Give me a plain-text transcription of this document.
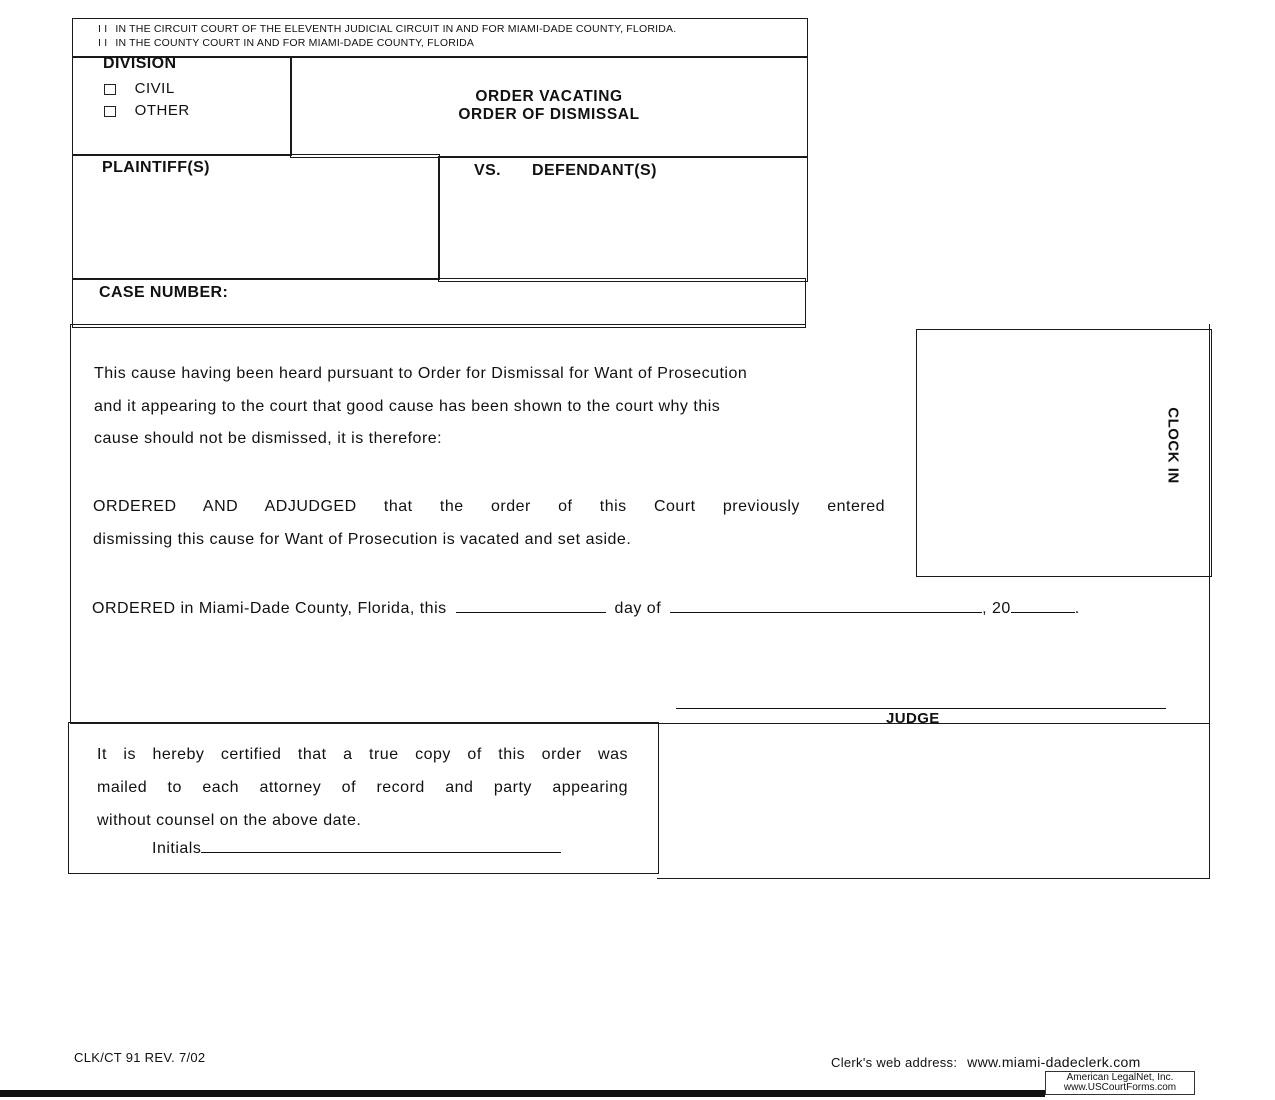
I I IN THE CIRCUIT COURT OF THE ELEVENTH JUDICIAL CIRCUIT IN AND FOR MIAMI-DADE COUNTY, FLORIDA.
I I IN THE COUNTY COURT IN AND FOR MIAMI-DADE COUNTY, FLORIDA
DIVISION
CIVIL
OTHER
ORDER VACATING
ORDER OF DISMISSAL
PLAINTIFF(S)	VS. DEFENDANT(S)
CASE NUMBER:
CLOCK IN
This cause having been heard pursuant to Order for Dismissal for Want of Prosecution
and it appearing to the court that good cause has been shown to the court why this
cause should not be dismissed, it is therefore:
ORDERED AND ADJUDGED that the order of this Court previously entered
dismissing this cause for Want of Prosecution is vacated and set aside.
ORDERED in Miami-Dade County, Florida, this	day of	, 20	.
JUDGE
It is hereby certified that a true copy of this order was
mailed to each attorney of record and party appearing
without counsel on the above date.
Initials
CLK/CT 91 REV. 7/02	Clerk's web address: www.miami-dadeclerk.com
American LegalNet, Inc.
www.USCourtForms.com
